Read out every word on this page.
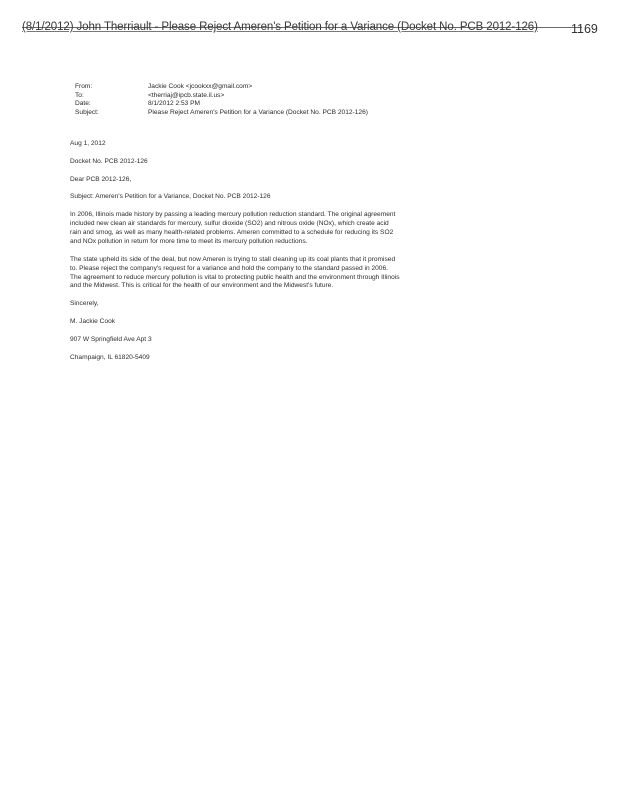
(8/1/2012) John Therriault - Please Reject Ameren's Petition for a Variance (Docket No. PCB 2012-126)	1169
From:	Jackie Cook <jcookxx@gmail.com>
To:	<therriaj@ipcb.state.il.us>
Date:	8/1/2012 2:53 PM
Subject:	Please Reject Ameren's Petition for a Variance (Docket No. PCB 2012-126)

Aug 1, 2012

Docket No. PCB 2012-126

Dear PCB 2012-126,

Subject: Ameren's Petition for a Variance, Docket No. PCB 2012-126

In 2006, Illinois made history by passing a leading mercury pollution reduction standard. The original agreement included new clean air standards for mercury, sulfur dioxide (SO2) and nitrous oxide (NOx), which create acid rain and smog, as well as many health-related problems. Ameren committed to a schedule for reducing its SO2 and NOx pollution in return for more time to meet its mercury pollution reductions.

The state upheld its side of the deal, but now Ameren is trying to stall cleaning up its coal plants that it promised to. Please reject the company's request for a variance and hold the company to the standard passed in 2006. The agreement to reduce mercury pollution is vital to protecting public health and the environment through Illinois and the Midwest. This is critical for the health of our environment and the Midwest's future.

Sincerely,

M. Jackie Cook

907 W Springfield Ave Apt 3

Champaign, IL 61820-5409
